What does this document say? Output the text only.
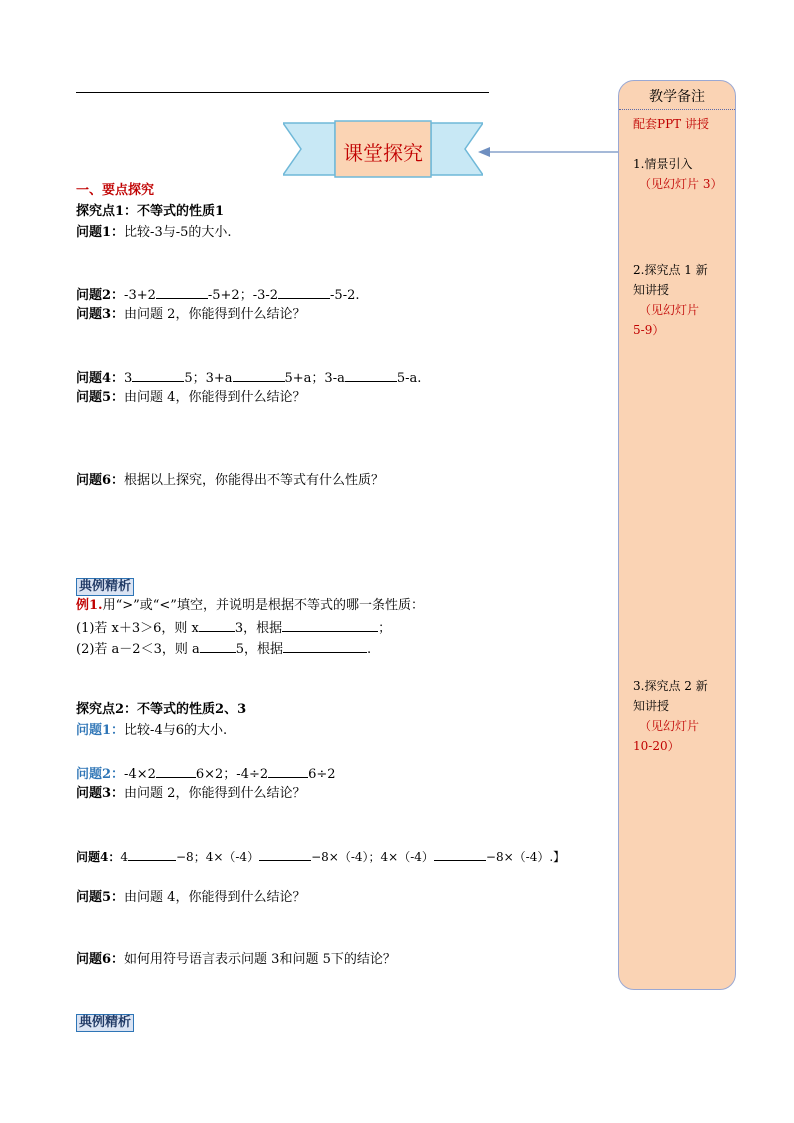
课堂探究
教学备注
配套PPT 讲授
1.情景引入
（见幻灯片 3）
2.探究点 1 新
知讲授
（见幻灯片
5-9）
3.探究点 2 新
知讲授
（见幻灯片
10-20）
一、要点探究
探究点1：不等式的性质1
问题1：比较-3与-5的大小.
问题2：-3+2	-5+2；-3-2	-5-2.
问题3：由问题 2，你能得到什么结论？
问题4：3	5；3+a	5+a；3-a	5-a.
问题5：由问题 4，你能得到什么结论？
问题6：根据以上探究，你能得出不等式有什么性质？
典例精析
例1.用“>”或“<”填空，并说明是根据不等式的哪一条性质：
(1)若 x＋3＞6，则 x	3，根据	；
(2)若 a－2＜3，则 a	5，根据	.
探究点2：不等式的性质2、3
问题1：比较-4与6的大小.
问题2：-4×2	6×2；-4÷2	6÷2
问题3：由问题 2，你能得到什么结论？
问题4：4	−8；4×（-4）	−8×（-4）；4×（-4）	−8×（-4）.】
问题5：由问题 4，你能得到什么结论？
问题6：如何用符号语言表示问题 3和问题 5下的结论？
典例精析
